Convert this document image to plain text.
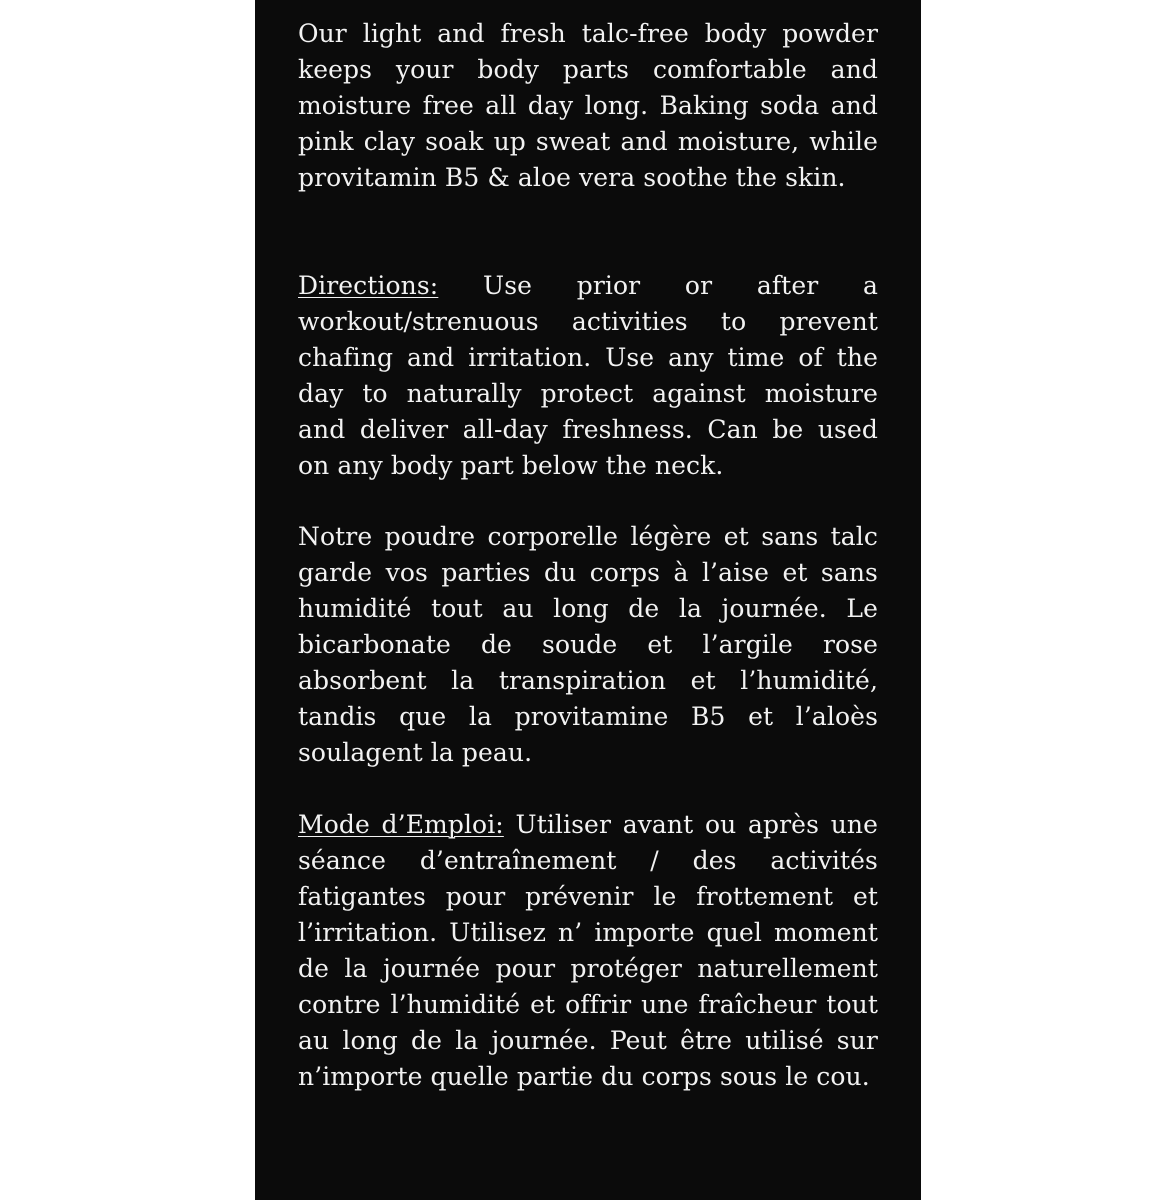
Our light and fresh talc-free body powder keeps your body parts comfortable and moisture free all day long. Baking soda and pink clay soak up sweat and moisture, while provitamin B5 & aloe vera soothe the skin.
Directions: Use prior or after a workout/strenuous activities to prevent chafing and irritation. Use any time of the day to naturally protect against moisture and deliver all-day freshness. Can be used on any body part below the neck.
Notre poudre corporelle légère et sans talc garde vos parties du corps à l’aise et sans humidité tout au long de la journée. Le bicarbonate de soude et l’argile rose absorbent la transpiration et l’humidité, tandis que la provitamine B5 et l’aloès soulagent la peau.
Mode d’Emploi: Utiliser avant ou après une séance d’entraînement / des activités fatigantes pour prévenir le frottement et l’irritation. Utilisez n’ importe quel moment de la journée pour protéger naturellement contre l’humidité et offrir une fraîcheur tout au long de la journée. Peut être utilisé sur n’importe quelle partie du corps sous le cou.
